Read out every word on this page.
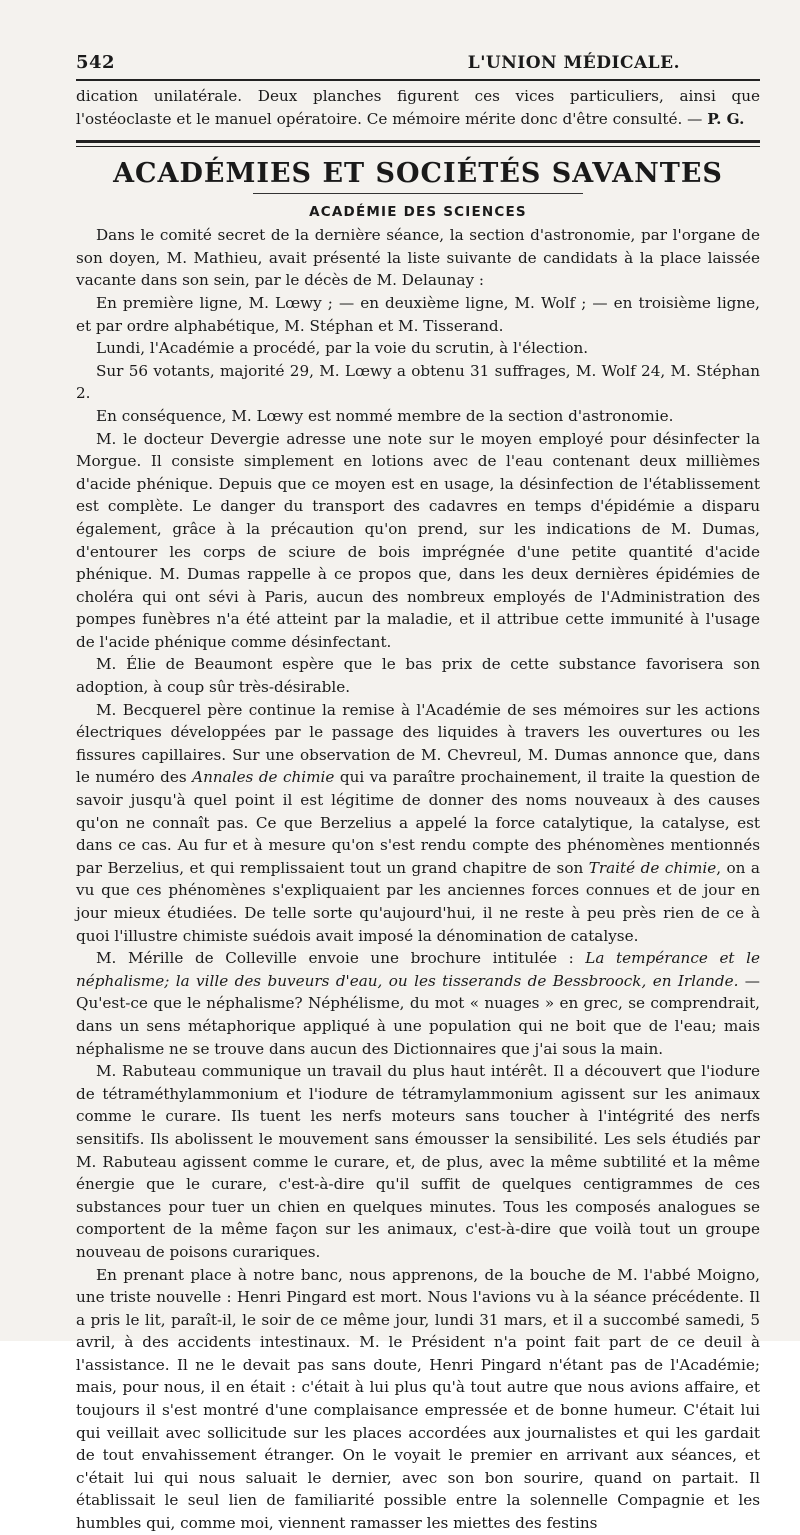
542	L'UNION MÉDICALE.

dication unilatérale. Deux planches figurent ces vices particuliers, ainsi que l'ostéoclaste et le manuel opératoire. Ce mémoire mérite donc d'être consulté. — P. G.

ACADÉMIES ET SOCIÉTÉS SAVANTES
ACADÉMIE DES SCIENCES

Dans le comité secret de la dernière séance, la section d'astronomie, par l'organe de son doyen, M. Mathieu, avait présenté la liste suivante de candidats à la place laissée vacante dans son sein, par le décès de M. Delaunay :

En première ligne, M. Lœwy ; — en deuxième ligne, M. Wolf ; — en troisième ligne, et par ordre alphabétique, M. Stéphan et M. Tisserand.

Lundi, l'Académie a procédé, par la voie du scrutin, à l'élection.

Sur 56 votants, majorité 29, M. Lœwy a obtenu 31 suffrages, M. Wolf 24, M. Stéphan 2.

En conséquence, M. Lœwy est nommé membre de la section d'astronomie.

M. le docteur Devergie adresse une note sur le moyen employé pour désinfecter la Morgue. Il consiste simplement en lotions avec de l'eau contenant deux millièmes d'acide phénique. Depuis que ce moyen est en usage, la désinfection de l'établissement est complète. Le danger du transport des cadavres en temps d'épidémie a disparu également, grâce à la précaution qu'on prend, sur les indications de M. Dumas, d'entourer les corps de sciure de bois imprégnée d'une petite quantité d'acide phénique. M. Dumas rappelle à ce propos que, dans les deux dernières épidémies de choléra qui ont sévi à Paris, aucun des nombreux employés de l'Administration des pompes funèbres n'a été atteint par la maladie, et il attribue cette immunité à l'usage de l'acide phénique comme désinfectant.

M. Élie de Beaumont espère que le bas prix de cette substance favorisera son adoption, à coup sûr très-désirable.

M. Becquerel père continue la remise à l'Académie de ses mémoires sur les actions électriques développées par le passage des liquides à travers les ouvertures ou les fissures capillaires. Sur une observation de M. Chevreul, M. Dumas annonce que, dans le numéro des Annales de chimie qui va paraître prochainement, il traite la question de savoir jusqu'à quel point il est légitime de donner des noms nouveaux à des causes qu'on ne connaît pas. Ce que Berzelius a appelé la force catalytique, la catalyse, est dans ce cas. Au fur et à mesure qu'on s'est rendu compte des phénomènes mentionnés par Berzelius, et qui remplissaient tout un grand chapitre de son Traité de chimie, on a vu que ces phénomènes s'expliquaient par les anciennes forces connues et de jour en jour mieux étudiées. De telle sorte qu'aujourd'hui, il ne reste à peu près rien de ce à quoi l'illustre chimiste suédois avait imposé la dénomination de catalyse.

M. Mérille de Colleville envoie une brochure intitulée : La tempérance et le néphalisme; la ville des buveurs d'eau, ou les tisserands de Bessbroock, en Irlande. — Qu'est-ce que le néphalisme? Néphélisme, du mot « nuages » en grec, se comprendrait, dans un sens métaphorique appliqué à une population qui ne boit que de l'eau; mais néphalisme ne se trouve dans aucun des Dictionnaires que j'ai sous la main.

M. Rabuteau communique un travail du plus haut intérêt. Il a découvert que l'iodure de tétraméthylammonium et l'iodure de tétramylammonium agissent sur les animaux comme le curare. Ils tuent les nerfs moteurs sans toucher à l'intégrité des nerfs sensitifs. Ils abolissent le mouvement sans émousser la sensibilité. Les sels étudiés par M. Rabuteau agissent comme le curare, et, de plus, avec la même subtilité et la même énergie que le curare, c'est-à-dire qu'il suffit de quelques centigrammes de ces substances pour tuer un chien en quelques minutes. Tous les composés analogues se comportent de la même façon sur les animaux, c'est-à-dire que voilà tout un groupe nouveau de poisons curariques.

En prenant place à notre banc, nous apprenons, de la bouche de M. l'abbé Moigno, une triste nouvelle : Henri Pingard est mort. Nous l'avions vu à la séance précédente. Il a pris le lit, paraît-il, le soir de ce même jour, lundi 31 mars, et il a succombé samedi, 5 avril, à des accidents intestinaux. M. le Président n'a point fait part de ce deuil à l'assistance. Il ne le devait pas sans doute, Henri Pingard n'étant pas de l'Académie; mais, pour nous, il en était : c'était à lui plus qu'à tout autre que nous avions affaire, et toujours il s'est montré d'une complaisance empressée et de bonne humeur. C'était lui qui veillait avec sollicitude sur les places accordées aux journalistes et qui les gardait de tout envahissement étranger. On le voyait le premier en arrivant aux séances, et c'était lui qui nous saluait le dernier, avec son bon sourire, quand on partait. Il établissait le seul lien de familiarité possible entre la solennelle Compagnie et les humbles qui, comme moi, viennent ramasser les miettes des festins
